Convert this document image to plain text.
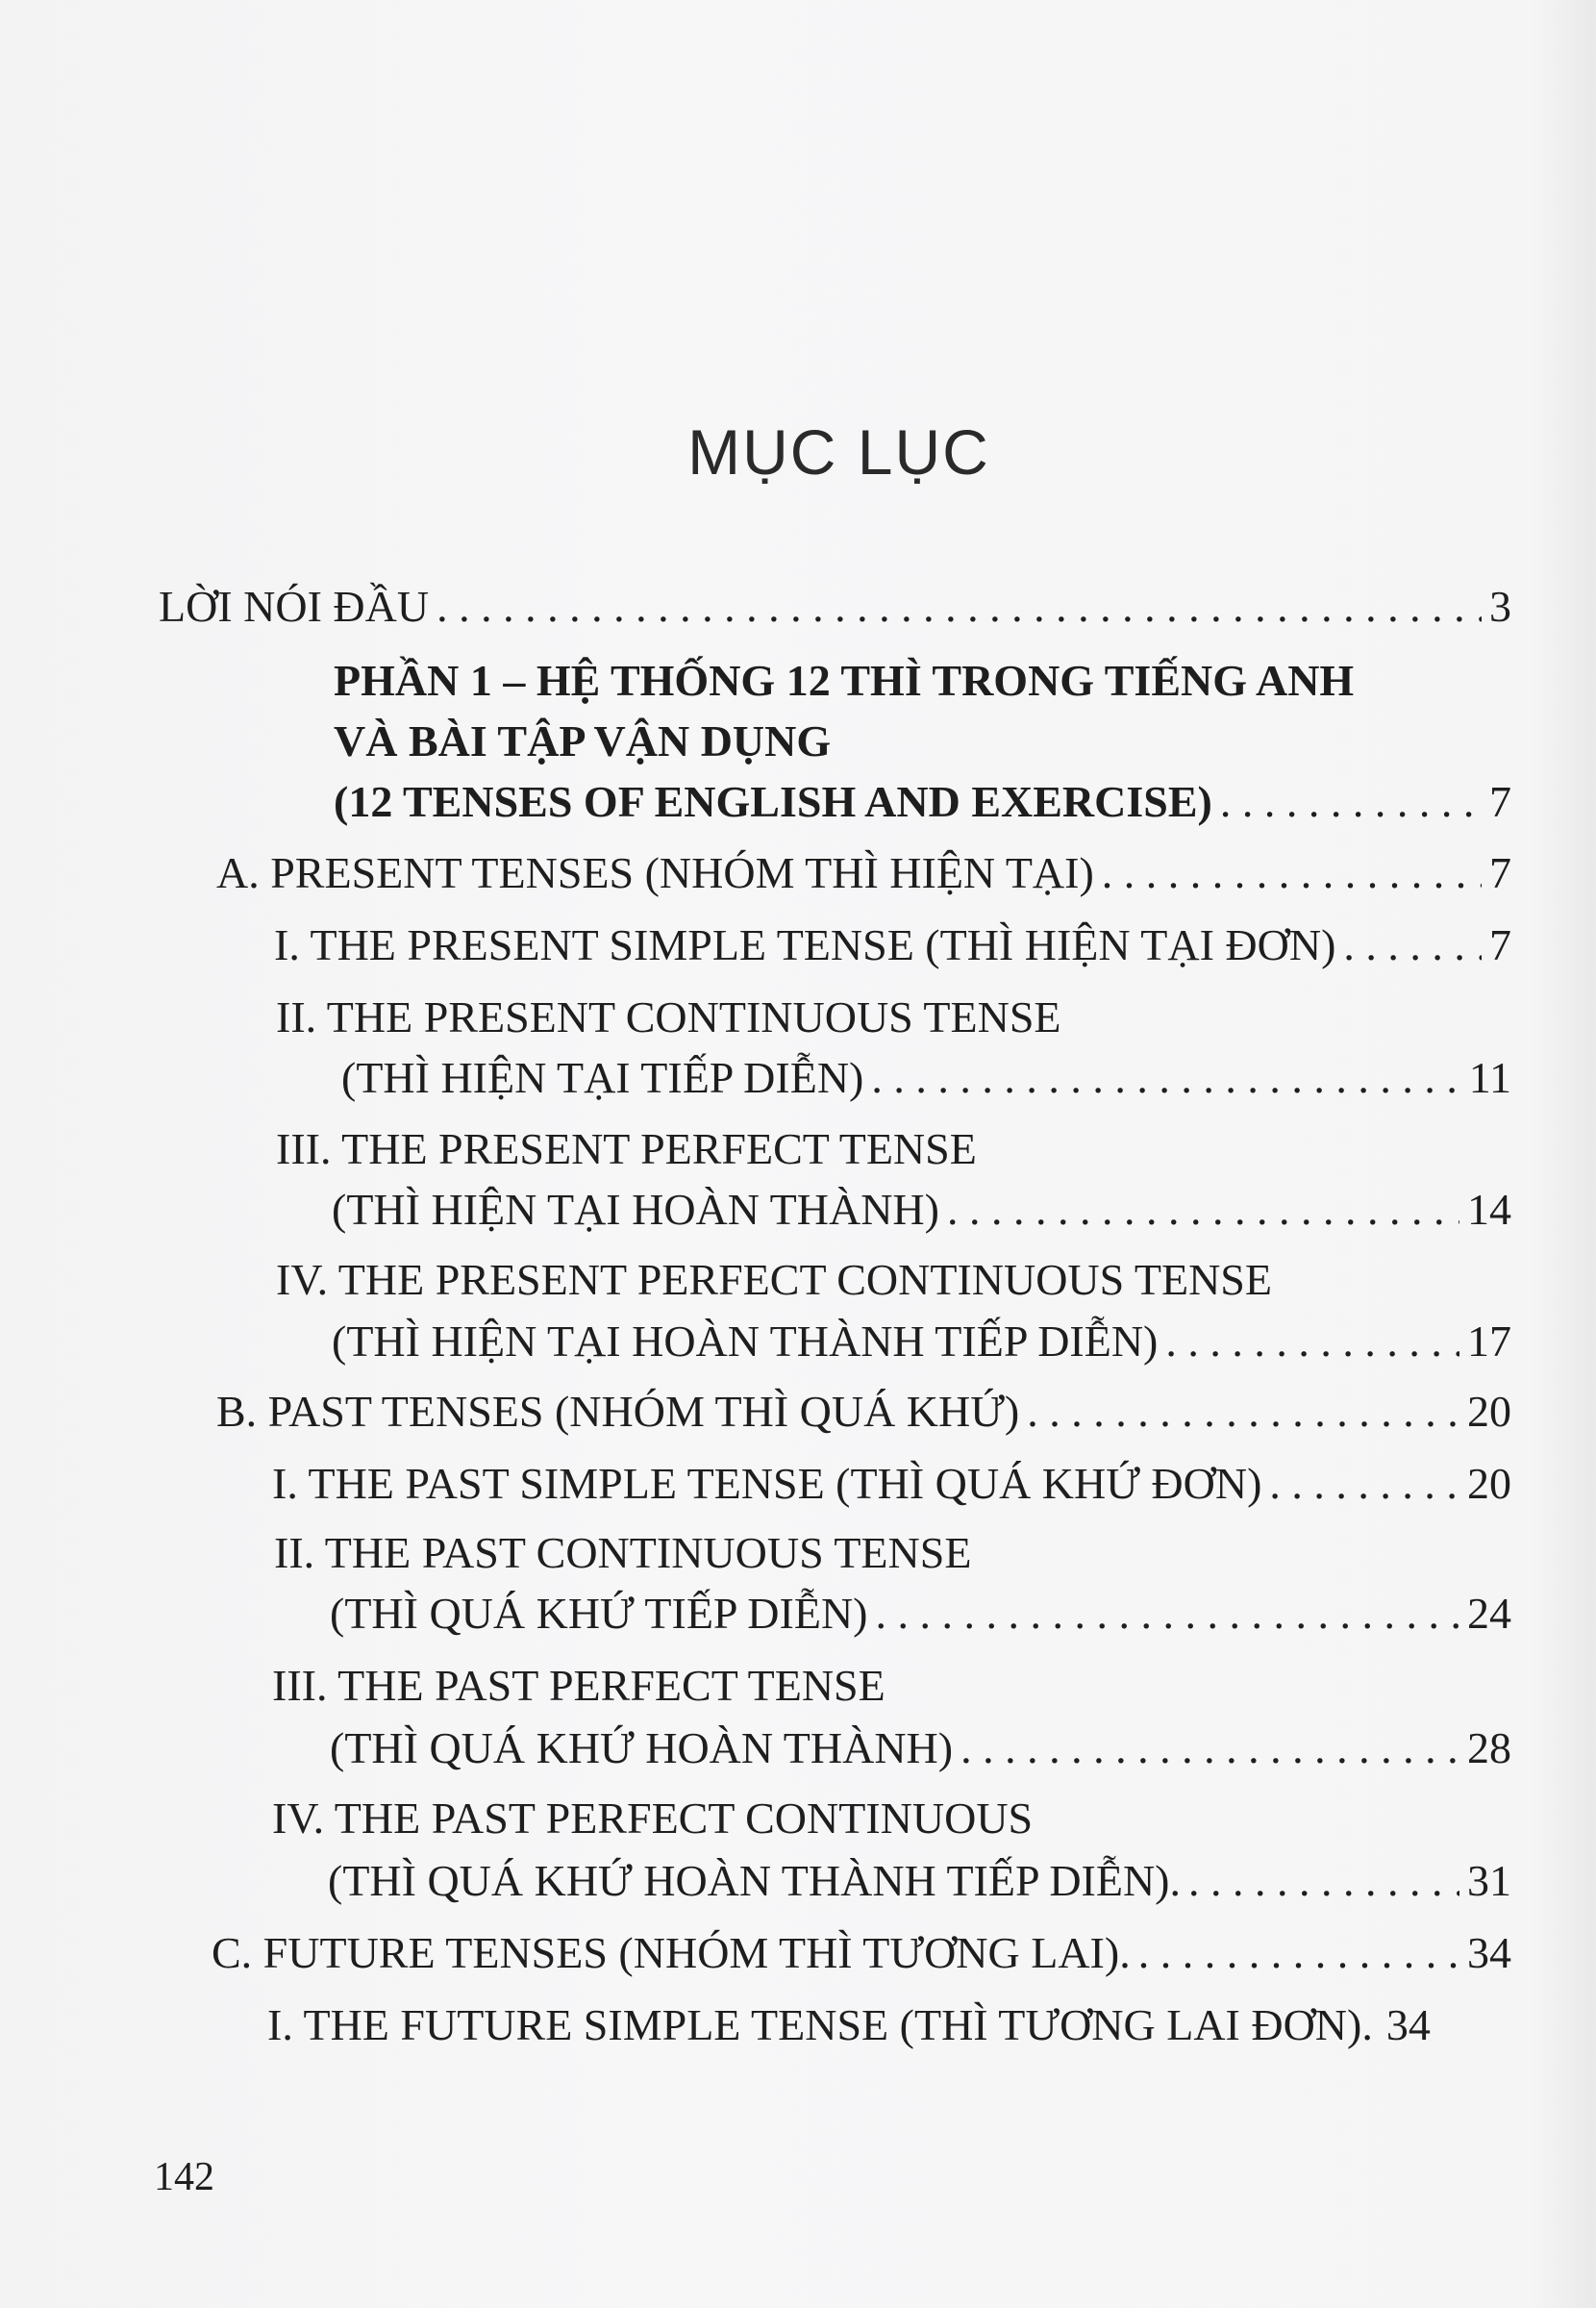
MỤC LỤC
LỜI NÓI ĐẦU . . .	3
PHẦN 1 – HỆ THỐNG 12 THÌ TRONG TIẾNG ANH
VÀ BÀI TẬP VẬN DỤNG
(12 TENSES OF ENGLISH AND EXERCISE) . . .	7
A. PRESENT TENSES (NHÓM THÌ HIỆN TẠI) . . .	7
I. THE PRESENT SIMPLE TENSE (THÌ HIỆN TẠI ĐƠN) . . .	7
II. THE PRESENT CONTINUOUS TENSE
(THÌ HIỆN TẠI TIẾP DIỄN) . . .	11
III. THE PRESENT PERFECT TENSE
(THÌ HIỆN TẠI HOÀN THÀNH) . . .	14
IV. THE PRESENT PERFECT CONTINUOUS TENSE
(THÌ HIỆN TẠI HOÀN THÀNH TIẾP DIỄN) . . .	17
B. PAST TENSES (NHÓM THÌ QUÁ KHỨ) . . .	20
I. THE PAST SIMPLE TENSE (THÌ QUÁ KHỨ ĐƠN) . . .	20
II. THE PAST CONTINUOUS TENSE
(THÌ QUÁ KHỨ TIẾP DIỄN) . . .	24
III. THE PAST PERFECT TENSE
(THÌ QUÁ KHỨ HOÀN THÀNH) . . .	28
IV. THE PAST PERFECT CONTINUOUS
(THÌ QUÁ KHỨ HOÀN THÀNH TIẾP DIỄN). . . .	31
C. FUTURE TENSES (NHÓM THÌ TƯƠNG LAI). . . .	34
I. THE FUTURE SIMPLE TENSE (THÌ TƯƠNG LAI ĐƠN). 34
142
